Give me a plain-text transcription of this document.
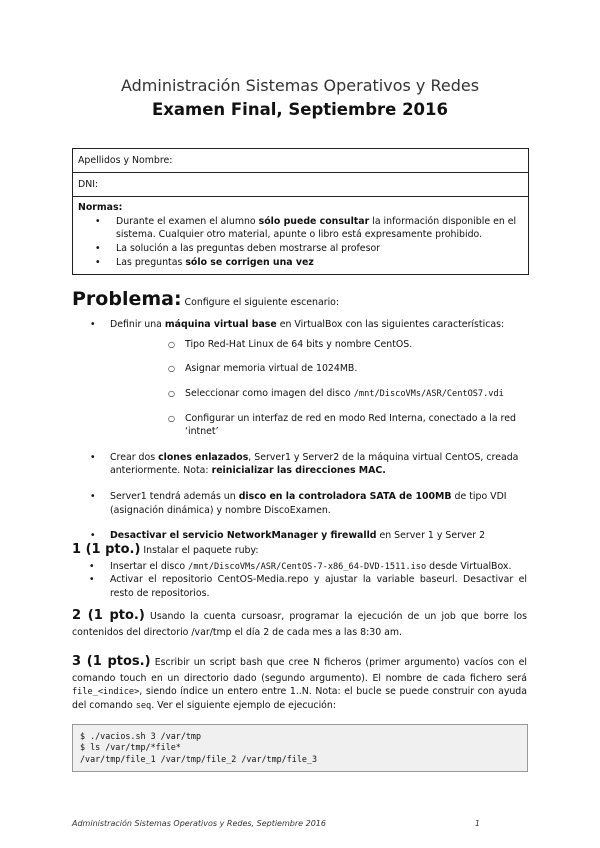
Administración Sistemas Operativos y Redes
Examen Final, Septiembre 2016
Apellidos y Nombre:
DNI:
Normas:
• Durante el examen el alumno sólo puede consultar la información disponible en el sistema. Cualquier otro material, apunte o libro está expresamente prohibido.
• La solución a las preguntas deben mostrarse al profesor
• Las preguntas sólo se corrigen una vez
Problema: Configure el siguiente escenario:
• Definir una máquina virtual base en VirtualBox con las siguientes características:
○ Tipo Red-Hat Linux de 64 bits y nombre CentOS.
○ Asignar memoria virtual de 1024MB.
○ Seleccionar como imagen del disco /mnt/DiscoVMs/ASR/CentOS7.vdi
○ Configurar un interfaz de red en modo Red Interna, conectado a la red ‘intnet’
• Crear dos clones enlazados, Server1 y Server2 de la máquina virtual CentOS, creada anteriormente. Nota: reinicializar las direcciones MAC.
• Server1 tendrá además un disco en la controladora SATA de 100MB de tipo VDI (asignación dinámica) y nombre DiscoExamen.
• Desactivar el servicio NetworkManager y firewalld en Server 1 y Server 2
1 (1 pto.) Instalar el paquete ruby:
• Insertar el disco /mnt/DiscoVMs/ASR/CentOS-7-x86_64-DVD-1511.iso desde VirtualBox.
• Activar el repositorio CentOS-Media.repo y ajustar la variable baseurl. Desactivar el resto de repositorios.
2 (1 pto.) Usando la cuenta cursoasr, programar la ejecución de un job que borre los contenidos del directorio /var/tmp el día 2 de cada mes a las 8:30 am.
3 (1 ptos.) Escribir un script bash que cree N ficheros (primer argumento) vacíos con el comando touch en un directorio dado (segundo argumento). El nombre de cada fichero será file_<indice>, siendo índice un entero entre 1..N. Nota: el bucle se puede construir con ayuda del comando seq. Ver el siguiente ejemplo de ejecución:
$ ./vacios.sh 3 /var/tmp
$ ls /var/tmp/*file*
/var/tmp/file_1 /var/tmp/file_2 /var/tmp/file_3
Administración Sistemas Operativos y Redes, Septiembre 2016	1
